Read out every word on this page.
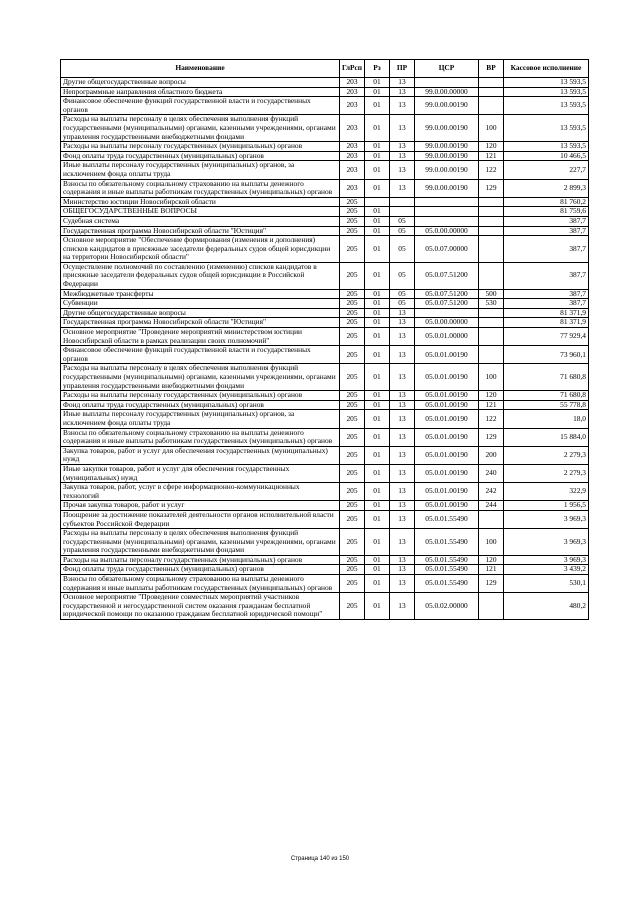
Наименование	ГлРсп	Рз	ПР	ЦСР	ВР	Кассовое исполнение
Другие общегосударственные вопросы	203	01	13			13 593,5
Непрограммные направления областного бюджета	203	01	13	99.0.00.00000		13 593,5
Финансовое обеспечение функций государственной власти и государственных органов	203	01	13	99.0.00.00190		13 593,5
Расходы на выплаты персоналу в целях обеспечения выполнения функций государственными (муниципальными) органами, казенными учреждениями, органами управления государственными внебюджетными фондами	203	01	13	99.0.00.00190	100	13 593,5
Расходы на выплаты персоналу государственных (муниципальных) органов	203	01	13	99.0.00.00190	120	13 593,5
Фонд оплаты труда государственных (муниципальных) органов	203	01	13	99.0.00.00190	121	10 466,5
Иные выплаты персоналу государственных (муниципальных) органов, за исключением фонда оплаты труда	203	01	13	99.0.00.00190	122	227,7
Взносы по обязательному социальному страхованию на выплаты денежного содержания и иные выплаты работникам государственных (муниципальных) органов	203	01	13	99.0.00.00190	129	2 899,3
Министерство юстиции Новосибирской области	205					81 760,2
ОБЩЕГОСУДАРСТВЕННЫЕ ВОПРОСЫ	205	01				81 759,6
Судебная система	205	01	05			387,7
Государственная программа Новосибирской области "Юстиция"	205	01	05	05.0.00.00000		387,7
Основное мероприятие "Обеспечение формирования (изменения и дополнения) списков кандидатов в присяжные заседатели федеральных судов общей юрисдикции на территории Новосибирской области"	205	01	05	05.0.07.00000		387,7
Осуществление полномочий по составлению (изменению) списков кандидатов в присяжные заседатели федеральных судов общей юрисдикции в Российской Федерации	205	01	05	05.0.07.51200		387,7
Межбюджетные трансферты	205	01	05	05.0.07.51200	500	387,7
Субвенции	205	01	05	05.0.07.51200	530	387,7
Другие общегосударственные вопросы	205	01	13			81 371,9
Государственная программа Новосибирской области "Юстиция"	205	01	13	05.0.00.00000		81 371,9
Основное мероприятие "Проведение мероприятий министерством юстиции Новосибирской области в рамках реализации своих полномочий"	205	01	13	05.0.01.00000		77 929,4
Финансовое обеспечение функций государственной власти и государственных органов	205	01	13	05.0.01.00190		73 960,1
Расходы на выплаты персоналу в целях обеспечения выполнения функций государственными (муниципальными) органами, казенными учреждениями, органами управления государственными внебюджетными фондами	205	01	13	05.0.01.00190	100	71 680,8
Расходы на выплаты персоналу государственных (муниципальных) органов	205	01	13	05.0.01.00190	120	71 680,8
Фонд оплаты труда государственных (муниципальных) органов	205	01	13	05.0.01.00190	121	55 778,8
Иные выплаты персоналу государственных (муниципальных) органов, за исключением фонда оплаты труда	205	01	13	05.0.01.00190	122	18,0
Взносы по обязательному социальному страхованию на выплаты денежного содержания и иные выплаты работникам государственных (муниципальных) органов	205	01	13	05.0.01.00190	129	15 884,0
Закупка товаров, работ и услуг для обеспечения государственных (муниципальных) нужд	205	01	13	05.0.01.00190	200	2 279,3
Иные закупки товаров, работ и услуг для обеспечения государственных (муниципальных) нужд	205	01	13	05.0.01.00190	240	2 279,3
Закупка товаров, работ, услуг в сфере информационно-коммуникационных технологий	205	01	13	05.0.01.00190	242	322,9
Прочая закупка товаров, работ и услуг	205	01	13	05.0.01.00190	244	1 956,5
Поощрение за достижение показателей деятельности органов исполнительной власти субъектов Российской Федерации	205	01	13	05.0.01.55490		3 969,3
Расходы на выплаты персоналу в целях обеспечения выполнения функций государственными (муниципальными) органами, казенными учреждениями, органами управления государственными внебюджетными фондами	205	01	13	05.0.01.55490	100	3 969,3
Расходы на выплаты персоналу государственных (муниципальных) органов	205	01	13	05.0.01.55490	120	3 969,3
Фонд оплаты труда государственных (муниципальных) органов	205	01	13	05.0.01.55490	121	3 439,2
Взносы по обязательному социальному страхованию на выплаты денежного содержания и иные выплаты работникам государственных (муниципальных) органов	205	01	13	05.0.01.55490	129	530,1
Основное мероприятие "Проведение совместных мероприятий участников государственной и негосударственной систем оказания гражданам бесплатной юридической помощи по оказанию гражданам бесплатной юридической помощи"	205	01	13	05.0.02.00000		480,2
Страница 140 из 150
